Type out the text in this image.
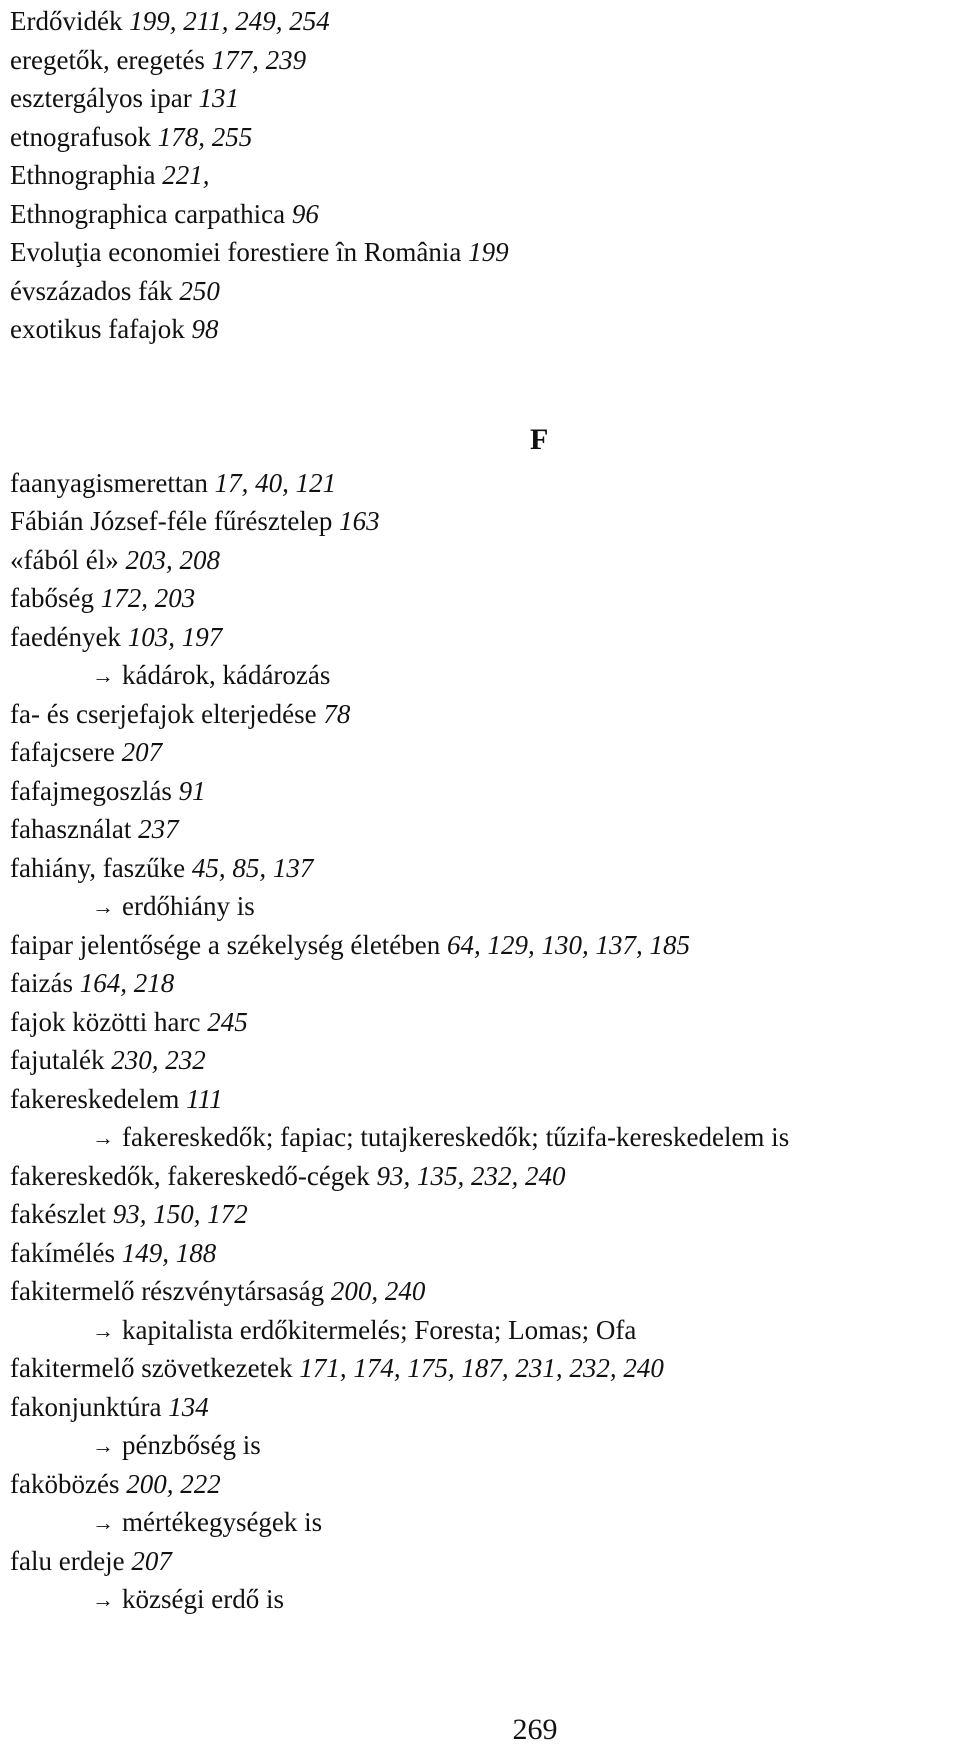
Erdővidék 199, 211, 249, 254
eregetők, eregetés 177, 239
esztergályos ipar 131
etnografusok 178, 255
Ethnographia 221,
Ethnographica carpathica 96
Evoluţia economiei forestiere în România 199
évszázados fák 250
exotikus fafajok 98
faanyagismerettan 17, 40, 121
Fábián József-féle fűrésztelep 163
«fából él» 203, 208
fabőség 172, 203
faedények 103, 197
→ kádárok, kádározás
fa- és cserjefajok elterjedése 78
fafajcsere 207
fafajmegoszlás 91
fahasználat 237
fahiány, faszűke 45, 85, 137
→ erdőhiány is
faipar jelentősége a székelység életében 64, 129, 130, 137, 185
faizás 164, 218
fajok közötti harc 245
fajutalék 230, 232
fakereskedelem 111
→ fakereskedők; fapiac; tutajkereskedők; tűzifa-kereskedelem is
fakereskedők, fakereskedő-cégek 93, 135, 232, 240
fakészlet 93, 150, 172
fakímélés 149, 188
fakitermelő részvénytársaság 200, 240
→ kapitalista erdőkitermelés; Foresta; Lomas; Ofa
fakitermelő szövetkezetek 171, 174, 175, 187, 231, 232, 240
fakonjunktúra 134
→ pénzbőség is
faköbözés 200, 222
→ mértékegységek is
falu erdeje 207
→ községi erdő is
F
269
